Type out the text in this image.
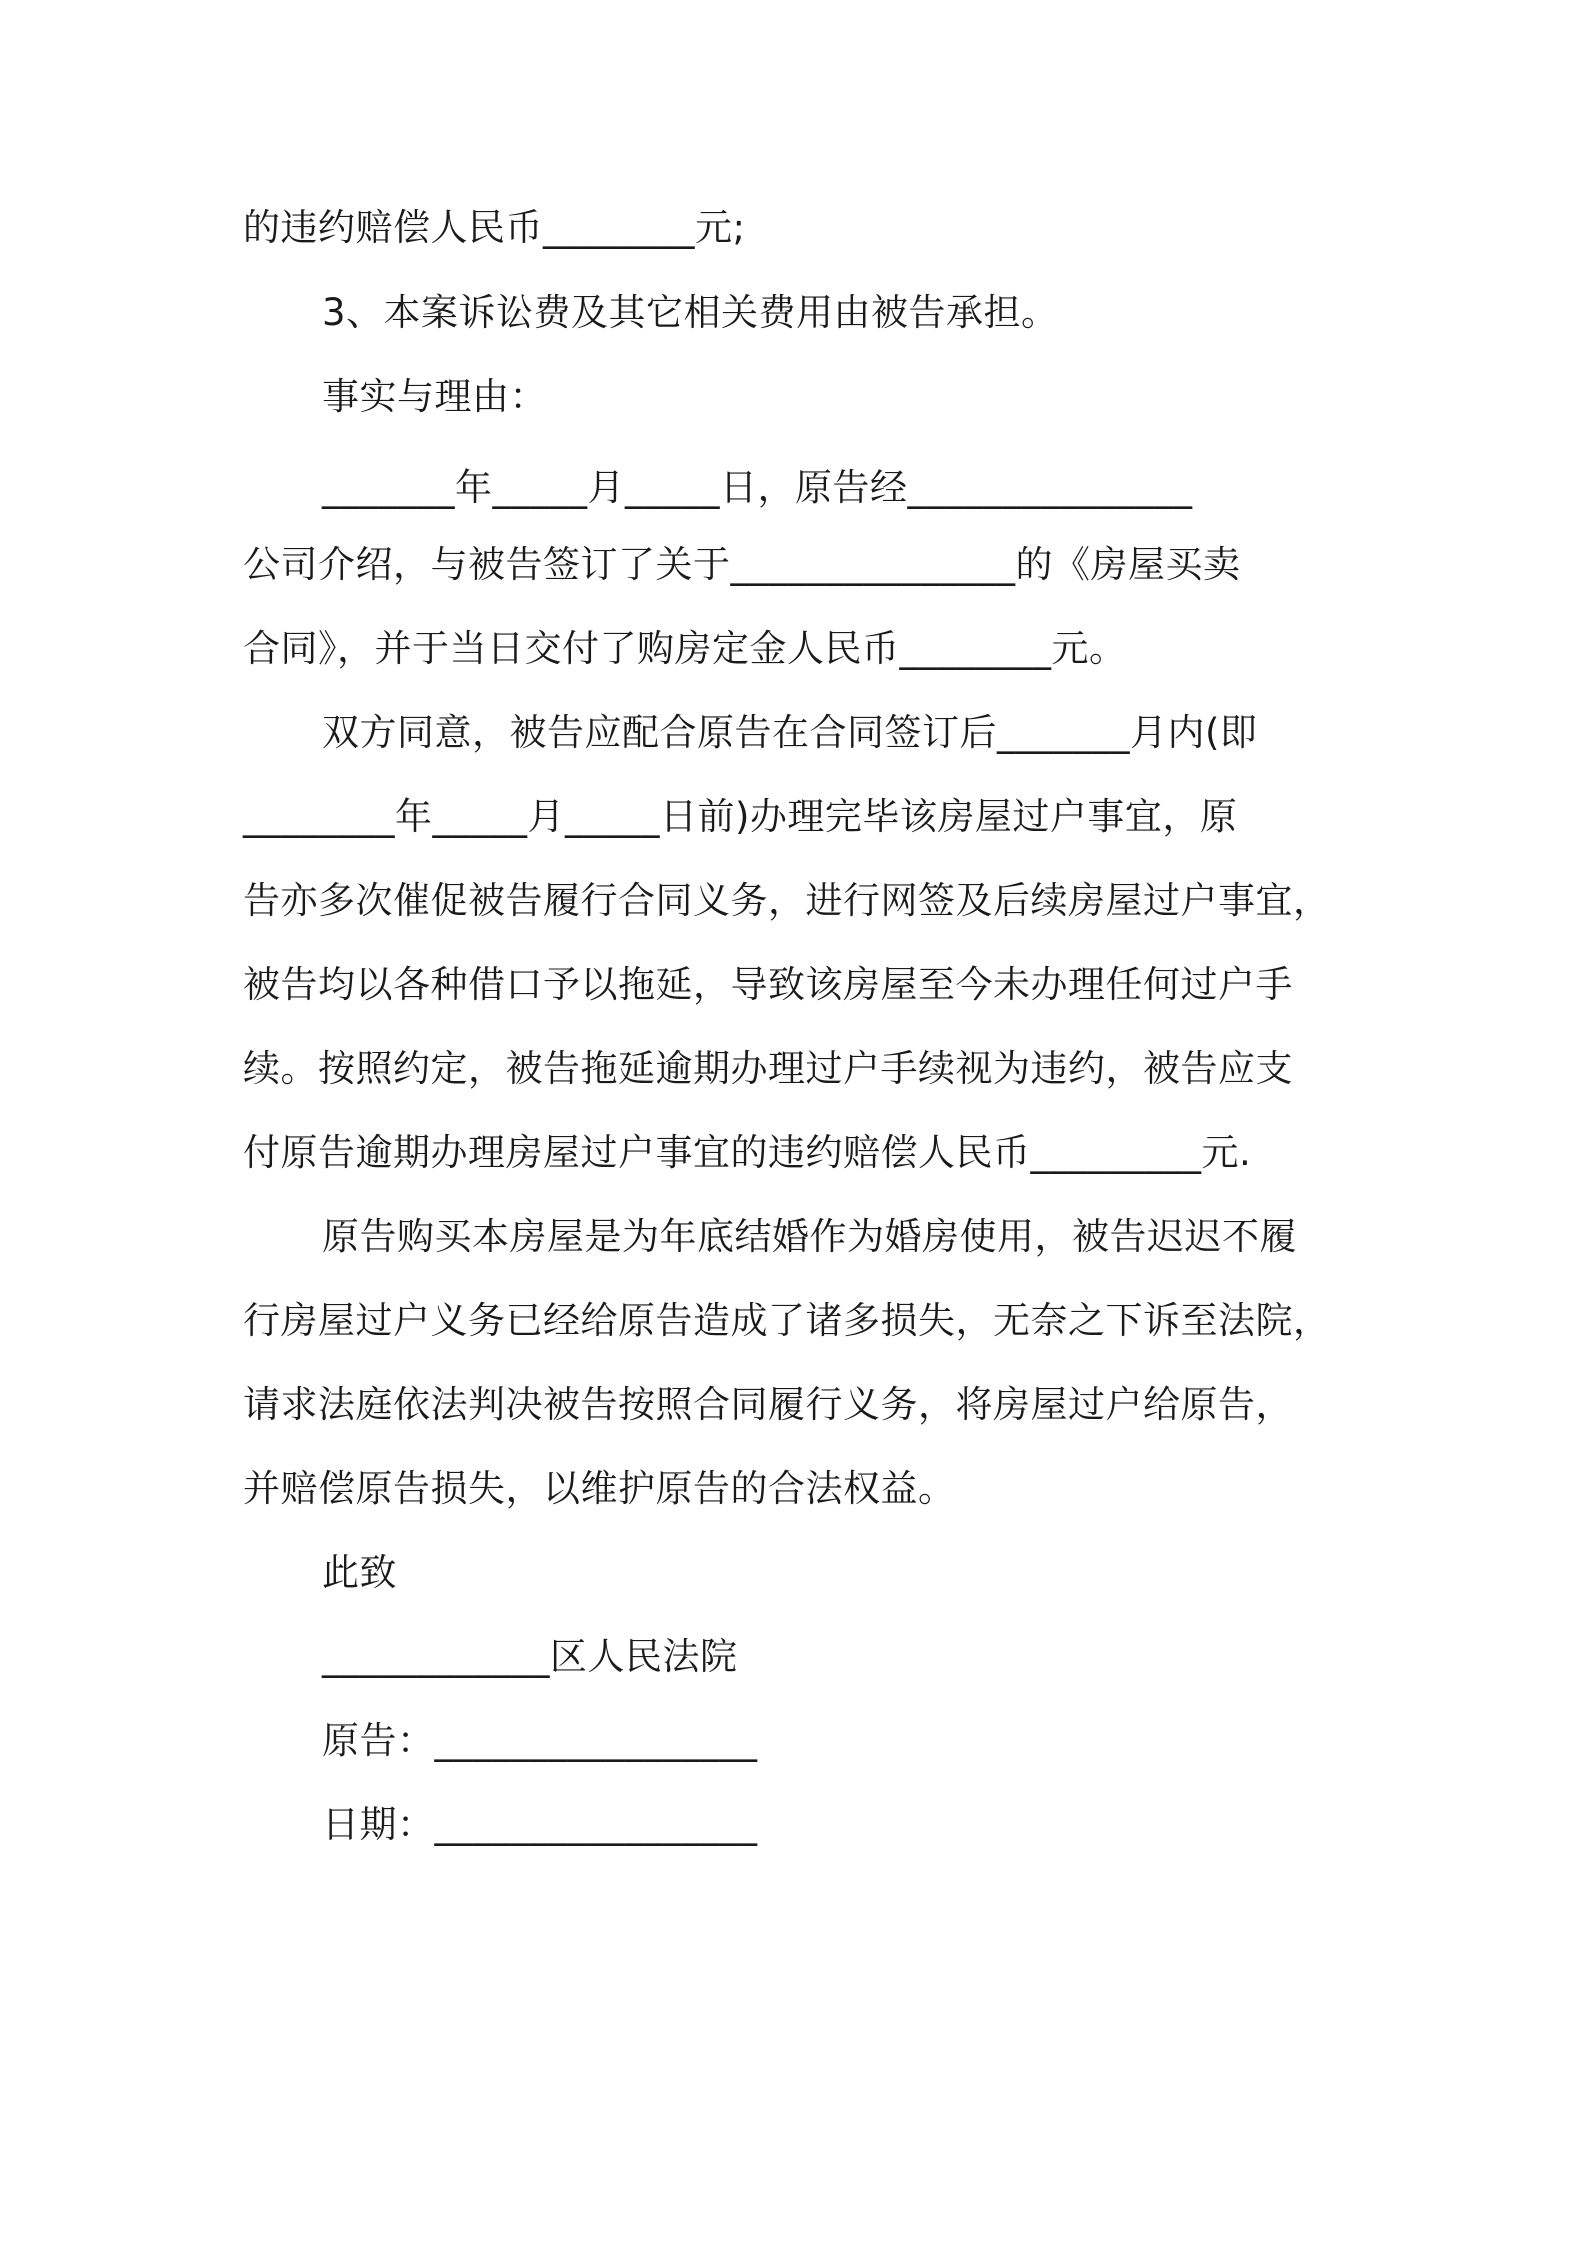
的违约赔偿人民币________元;
3、本案诉讼费及其它相关费用由被告承担。
事实与理由：
_______年_____月_____日，原告经_______________
公司介绍，与被告签订了关于_______________的《房屋买卖
合同》，并于当日交付了购房定金人民币________元。
双方同意，被告应配合原告在合同签订后_______月内(即
________年_____月_____日前)办理完毕该房屋过户事宜，原
告亦多次催促被告履行合同义务，进行网签及后续房屋过户事宜，
被告均以各种借口予以拖延，导致该房屋至今未办理任何过户手
续。按照约定，被告拖延逾期办理过户手续视为违约，被告应支
付原告逾期办理房屋过户事宜的违约赔偿人民币_________元.
原告购买本房屋是为年底结婚作为婚房使用，被告迟迟不履
行房屋过户义务已经给原告造成了诸多损失，无奈之下诉至法院，
请求法庭依法判决被告按照合同履行义务，将房屋过户给原告，
并赔偿原告损失，以维护原告的合法权益。
此致
____________区人民法院
原告：_________________
日期：_________________
